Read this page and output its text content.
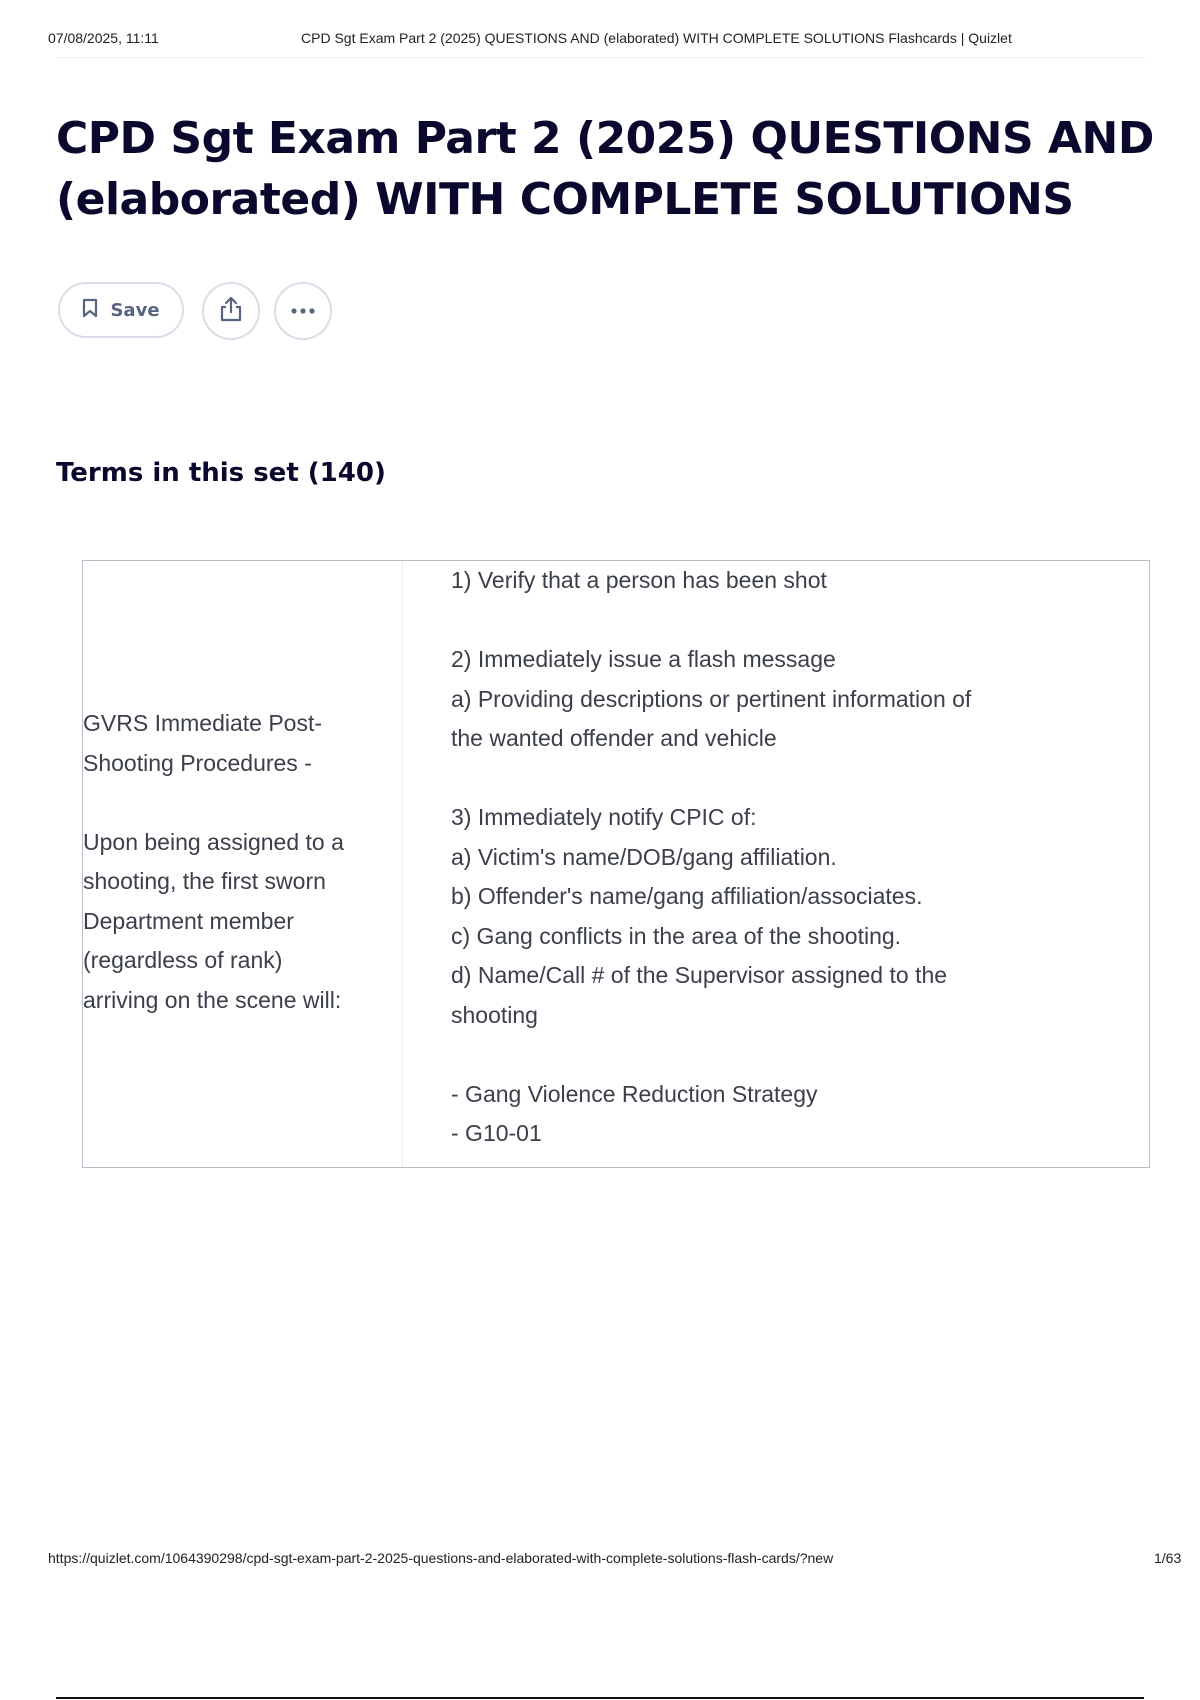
07/08/2025, 11:11	CPD Sgt Exam Part 2 (2025) QUESTIONS AND (elaborated) WITH COMPLETE SOLUTIONS Flashcards | Quizlet
CPD Sgt Exam Part 2 (2025) QUESTIONS AND (elaborated) WITH COMPLETE SOLUTIONS
Save
Terms in this set (140)
GVRS Immediate Post-
Shooting Procedures -

Upon being assigned to a
shooting, the first sworn
Department member
(regardless of rank)
arriving on the scene will:
1) Verify that a person has been shot

2) Immediately issue a flash message
a) Providing descriptions or pertinent information of
the wanted offender and vehicle

3) Immediately notify CPIC of:
a) Victim's name/DOB/gang affiliation.
b) Offender's name/gang affiliation/associates.
c) Gang conflicts in the area of the shooting.
d) Name/Call # of the Supervisor assigned to the
shooting

- Gang Violence Reduction Strategy
- G10-01
https://quizlet.com/1064390298/cpd-sgt-exam-part-2-2025-questions-and-elaborated-with-complete-solutions-flash-cards/?new	1/63
